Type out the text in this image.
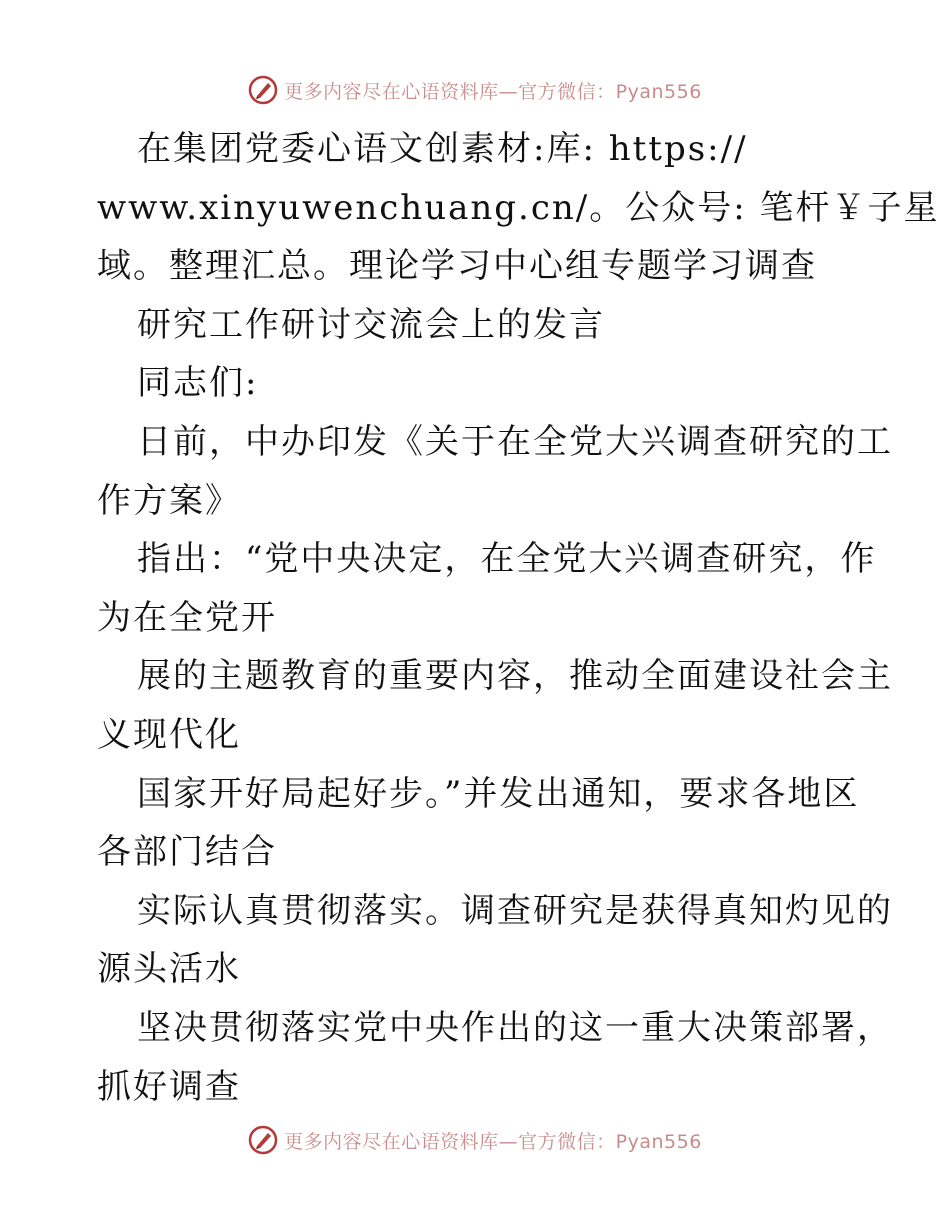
更多内容尽在心语资料库—官方微信：Pyan556
在集团党委心语文创素材:库: https://
www.xinyuwenchuang.cn/。公众号: 笔杆￥子星
域。整理汇总。理论学习中心组专题学习调查
研究工作研讨交流会上的发言
同志们:
日前，中办印发《关于在全党大兴调查研究的工
作方案》
指出：“党中央决定，在全党大兴调查研究，作
为在全党开
展的主题教育的重要内容，推动全面建设社会主
义现代化
国家开好局起好步。”并发出通知，要求各地区
各部门结合
实际认真贯彻落实。调查研究是获得真知灼见的
源头活水
坚决贯彻落实党中央作出的这一重大决策部署，
抓好调查
更多内容尽在心语资料库—官方微信：Pyan556
